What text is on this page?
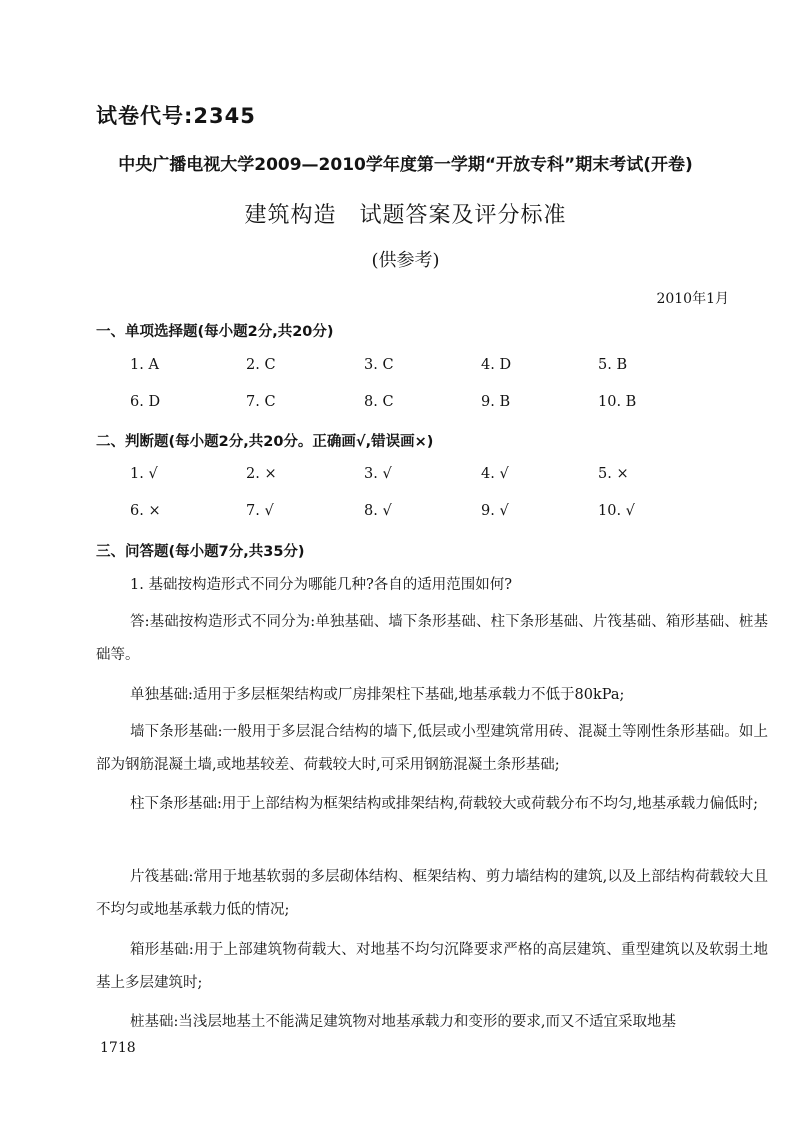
试卷代号:2345
中央广播电视大学2009—2010学年度第一学期“开放专科”期末考试(开卷)
建筑构造　试题答案及评分标准
(供参考)
2010年1月
一、单项选择题(每小题2分,共20分)
1. A	2. C	3. C	4. D	5. B
6. D	7. C	8. C	9. B	10. B
二、判断题(每小题2分,共20分。正确画√,错误画×)
1. √	2. ×	3. √	4. √	5. ×
6. ×	7. √	8. √	9. √	10. √
三、问答题(每小题7分,共35分)
1. 基础按构造形式不同分为哪能几种?各自的适用范围如何?
答:基础按构造形式不同分为:单独基础、墙下条形基础、柱下条形基础、片筏基础、箱形基础、桩基础等。
单独基础:适用于多层框架结构或厂房排架柱下基础,地基承载力不低于80kPa;
墙下条形基础:一般用于多层混合结构的墙下,低层或小型建筑常用砖、混凝土等刚性条形基础。如上部为钢筋混凝土墙,或地基较差、荷载较大时,可采用钢筋混凝土条形基础;
柱下条形基础:用于上部结构为框架结构或排架结构,荷载较大或荷载分布不均匀,地基承载力偏低时;
片筏基础:常用于地基软弱的多层砌体结构、框架结构、剪力墙结构的建筑,以及上部结构荷载较大且不均匀或地基承载力低的情况;
箱形基础:用于上部建筑物荷载大、对地基不均匀沉降要求严格的高层建筑、重型建筑以及软弱土地基上多层建筑时;
桩基础:当浅层地基土不能满足建筑物对地基承载力和变形的要求,而又不适宜采取地基
1718
